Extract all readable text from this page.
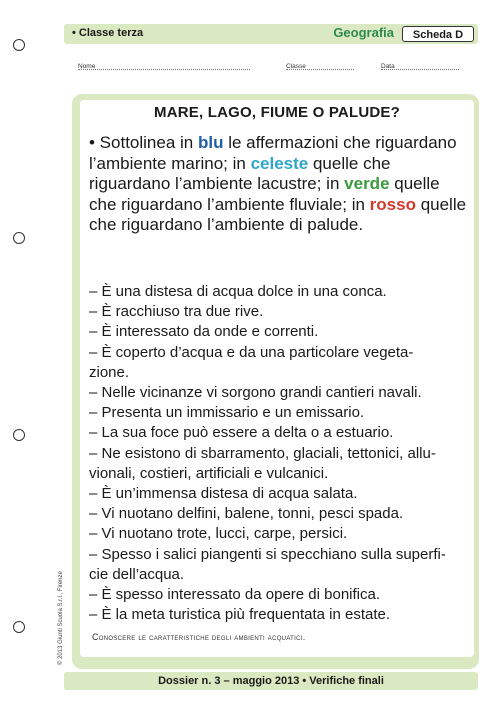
• Classe terza	Geografia	Scheda D
Nome	Classe	Data
MARE, LAGO, FIUME O PALUDE?
• Sottolinea in blu le affermazioni che riguardano l’ambiente marino; in celeste quelle che riguardano l’ambiente lacustre; in verde quelle che riguardano l’ambiente fluviale; in rosso quelle che riguardano l’ambiente di palude.
– È una distesa di acqua dolce in una conca.
– È racchiuso tra due rive.
– È interessato da onde e correnti.
– È coperto d’acqua e da una particolare vegeta-
zione.
– Nelle vicinanze vi sorgono grandi cantieri navali.
– Presenta un immissario e un emissario.
– La sua foce può essere a delta o a estuario.
– Ne esistono di sbarramento, glaciali, tettonici, allu-
vionali, costieri, artificiali e vulcanici.
– È un’immensa distesa di acqua salata.
– Vi nuotano delfini, balene, tonni, pesci spada.
– Vi nuotano trote, lucci, carpe, persici.
– Spesso i salici piangenti si specchiano sulla superfi-
cie dell’acqua.
– È spesso interessato da opere di bonifica.
– È la meta turistica più frequentata in estate.
Conoscere le caratteristiche degli ambienti acquatici.
© 2013 Giunti Scuola S.r.l., Firenze
Dossier n. 3 – maggio 2013 • Verifiche finali
